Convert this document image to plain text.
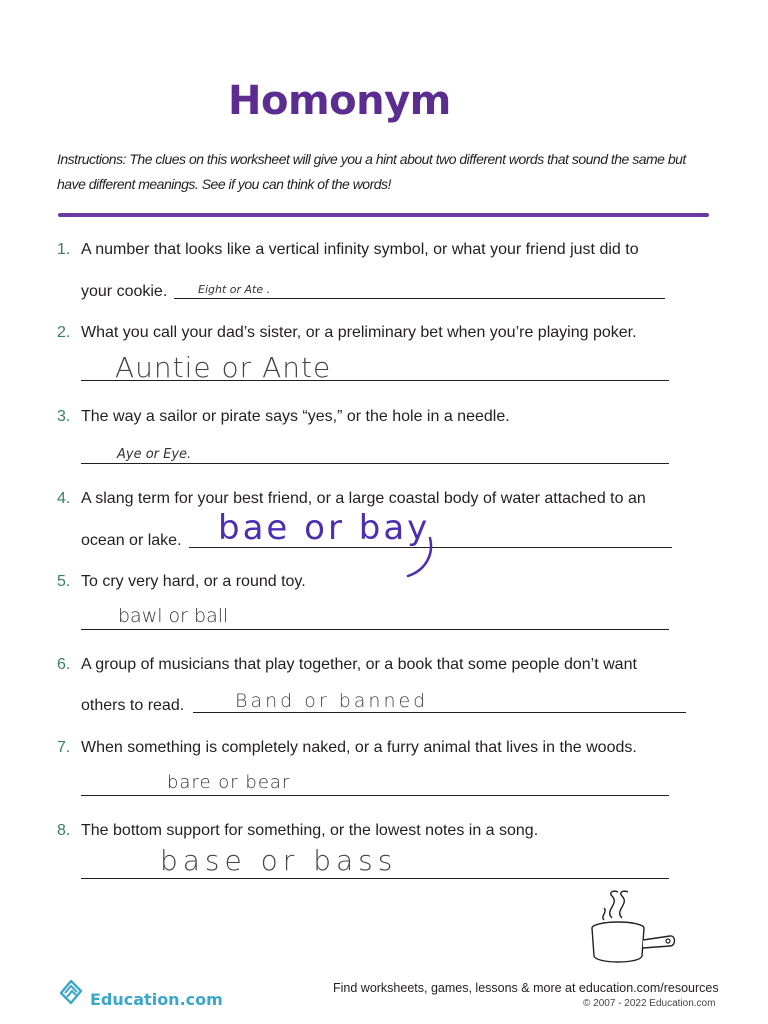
Homonym
Instructions: The clues on this worksheet will give you a hint about two different words that sound the same but have different meanings. See if you can think of the words!
1. A number that looks like a vertical infinity symbol, or what your friend just did to
your cookie.	Eight or Ate .
2. What you call your dad’s sister, or a preliminary bet when you’re playing poker.
Auntie or Ante
3. The way a sailor or pirate says “yes,” or the hole in a needle.
Aye or Eye.
4. A slang term for your best friend, or a large coastal body of water attached to an
ocean or lake. bae or bay
5. To cry very hard, or a round toy.
bawl or ball
6. A group of musicians that play together, or a book that some people don’t want
others to read.	Band or banned
7. When something is completely naked, or a furry animal that lives in the woods.
bare or bear
8. The bottom support for something, or the lowest notes in a song.
base or bass
Education.com
Find worksheets, games, lessons & more at education.com/resources
© 2007 - 2022 Education.com
